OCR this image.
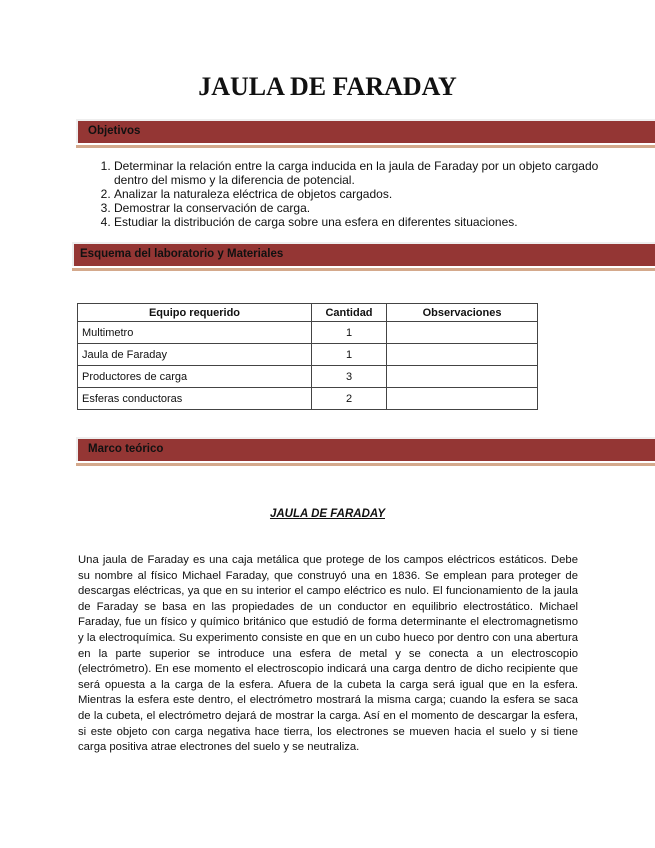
JAULA DE FARADAY
Objetivos
1. Determinar la relación entre la carga inducida en la jaula de Faraday por un objeto cargado dentro del mismo y la diferencia de potencial.
2. Analizar la naturaleza eléctrica de objetos cargados.
3. Demostrar la conservación de carga.
4. Estudiar la distribución de carga sobre una esfera en diferentes situaciones.
Esquema del laboratorio y Materiales
Equipo requerido	Cantidad	Observaciones
Multimetro	1	
Jaula de Faraday	1	
Productores de carga	3	
Esferas conductoras	2	
Marco teórico
JAULA DE FARADAY
Una jaula de Faraday es una caja metálica que protege de los campos eléctricos estáticos. Debe su nombre al físico Michael Faraday, que construyó una en 1836. Se emplean para proteger de descargas eléctricas, ya que en su interior el campo eléctrico es nulo. El funcionamiento de la jaula de Faraday se basa en las propiedades de un conductor en equilibrio electrostático. Michael Faraday, fue un físico y químico británico que estudió de forma determinante el electromagnetismo y la electroquímica. Su experimento consiste en que en un cubo hueco por dentro con una abertura en la parte superior se introduce una esfera de metal y se conecta a un electroscopio (electrómetro). En ese momento el electroscopio indicará una carga dentro de dicho recipiente que será opuesta a la carga de la esfera. Afuera de la cubeta la carga será igual que en la esfera. Mientras la esfera este dentro, el electrómetro mostrará la misma carga; cuando la esfera se saca de la cubeta, el electrómetro dejará de mostrar la carga. Así en el momento de descargar la esfera, si este objeto con carga negativa hace tierra, los electrones se mueven hacia el suelo y si tiene carga positiva atrae electrones del suelo y se neutraliza.
